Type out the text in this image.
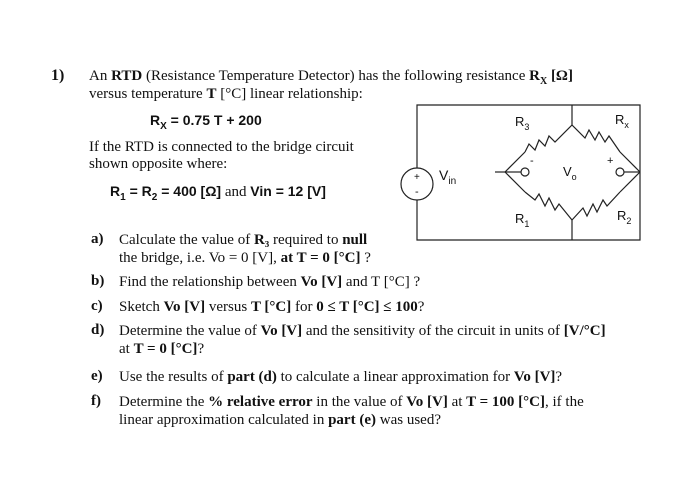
1) An RTD (Resistance Temperature Detector) has the following resistance $R_X$ [Ω]
versus temperature T [°C] linear relationship:
$R_X = 0.75$ T + 200
If the RTD is connected to the bridge circuit
shown opposite where:
$R_1 = R_2 = 400$ [Ω] and Vin = 12 [V]
+
-
$V_{in}$
$R_3$	$R_x$
$R_1$
$R_2$
$V_o$
-	+
a) Calculate the value of R₃ required to null
the bridge, i.e. Vo = 0 [V], at T = 0 [°C] ?
b) Find the relationship between Vo [V] and T [°C] ?
c) Sketch Vo [V] versus T [°C] for 0 ≤ T [°C] ≤ 100?
d) Determine the value of Vo [V] and the sensitivity of the circuit in units of [V/°C]
at T = 0 [°C]?
e) Use the results of part (d) to calculate a linear approximation for Vo [V]?
f) Determine the % relative error in the value of Vo [V] at T = 100 [°C], if the
linear approximation calculated in part (e) was used?
